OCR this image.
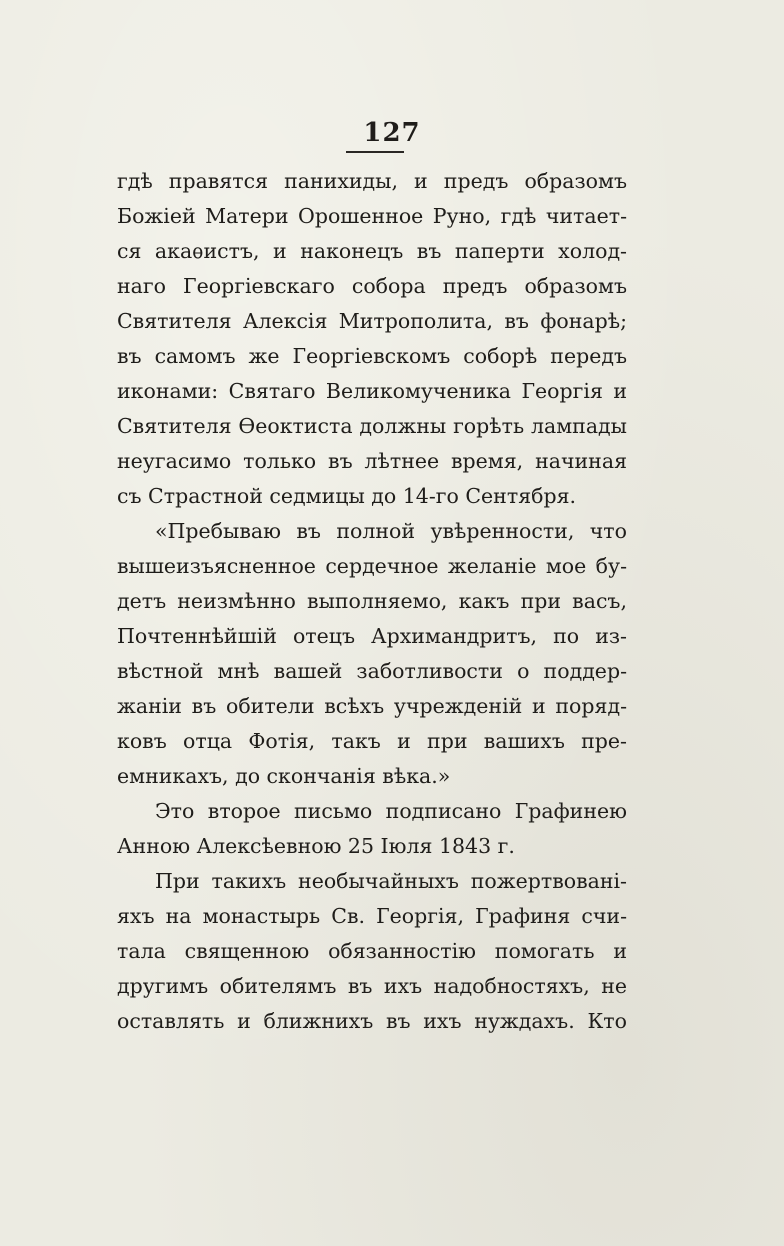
127
гдѣ правятся панихиды, и предъ образомъ
Божіей Матери Орошенное Руно, гдѣ читает-
ся акаѳистъ, и наконецъ въ паперти холод-
наго Георгіевскаго собора предъ образомъ
Святителя Алексія Митрополита, въ фонарѣ;
въ самомъ же Георгіевскомъ соборѣ передъ
иконами: Святаго Великомученика Георгія и
Святителя Ѳеоктиста должны горѣть лампады
неугасимо только въ лѣтнее время, начиная
съ Страстной седмицы до 14-го Сентября.
«Пребываю въ полной увѣренности, что
вышеизъясненное сердечное желаніе мое бу-
детъ неизмѣнно выполняемо, какъ при васъ,
Почтеннѣйшій отецъ Архимандритъ, по из-
вѣстной мнѣ вашей заботливости о поддер-
жаніи въ обители всѣхъ учрежденій и поряд-
ковъ отца Фотія, такъ и при вашихъ пре-
емникахъ, до скончанія вѣка.»
Это второе письмо подписано Графинею
Анною Алексѣевною 25 Іюля 1843 г.
При такихъ необычайныхъ пожертвованi-
яхъ на монастырь Св. Георгія, Графиня счи-
тала священною обязанностію помогать и
другимъ обителямъ въ ихъ надобностяхъ, не
оставлять и ближнихъ въ ихъ нуждахъ. Кто
